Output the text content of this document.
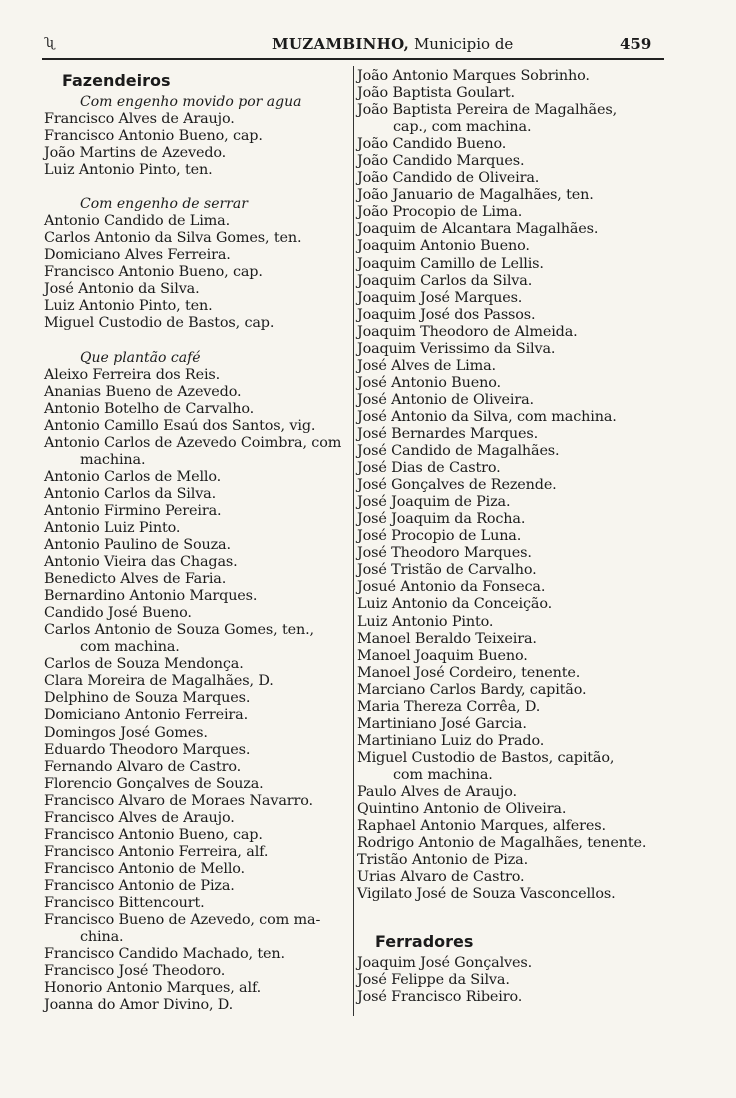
ʯ	MUZAMBINHO, Municipio de	459
Fazendeiros
Com engenho movido por agua
Francisco Alves de Araujo.
Francisco Antonio Bueno, cap.
João Martins de Azevedo.
Luiz Antonio Pinto, ten.
Com engenho de serrar
Antonio Candido de Lima.
Carlos Antonio da Silva Gomes, ten.
Domiciano Alves Ferreira.
Francisco Antonio Bueno, cap.
José Antonio da Silva.
Luiz Antonio Pinto, ten.
Miguel Custodio de Bastos, cap.
Que plantão café
Aleixo Ferreira dos Reis.
Ananias Bueno de Azevedo.
Antonio Botelho de Carvalho.
Antonio Camillo Esaú dos Santos, vig.
Antonio Carlos de Azevedo Coimbra, com
machina.
Antonio Carlos de Mello.
Antonio Carlos da Silva.
Antonio Firmino Pereira.
Antonio Luiz Pinto.
Antonio Paulino de Souza.
Antonio Vieira das Chagas.
Benedicto Alves de Faria.
Bernardino Antonio Marques.
Candido José Bueno.
Carlos Antonio de Souza Gomes, ten.,
com machina.
Carlos de Souza Mendonça.
Clara Moreira de Magalhães, D.
Delphino de Souza Marques.
Domiciano Antonio Ferreira.
Domingos José Gomes.
Eduardo Theodoro Marques.
Fernando Alvaro de Castro.
Florencio Gonçalves de Souza.
Francisco Alvaro de Moraes Navarro.
Francisco Alves de Araujo.
Francisco Antonio Bueno, cap.
Francisco Antonio Ferreira, alf.
Francisco Antonio de Mello.
Francisco Antonio de Piza.
Francisco Bittencourt.
Francisco Bueno de Azevedo, com ma-
china.
Francisco Candido Machado, ten.
Francisco José Theodoro.
Honorio Antonio Marques, alf.
Joanna do Amor Divino, D.
João Antonio Marques Sobrinho.
João Baptista Goulart.
João Baptista Pereira de Magalhães,
cap., com machina.
João Candido Bueno.
João Candido Marques.
João Candido de Oliveira.
João Januario de Magalhães, ten.
João Procopio de Lima.
Joaquim de Alcantara Magalhães.
Joaquim Antonio Bueno.
Joaquim Camillo de Lellis.
Joaquim Carlos da Silva.
Joaquim José Marques.
Joaquim José dos Passos.
Joaquim Theodoro de Almeida.
Joaquim Verissimo da Silva.
José Alves de Lima.
José Antonio Bueno.
José Antonio de Oliveira.
José Antonio da Silva, com machina.
José Bernardes Marques.
José Candido de Magalhães.
José Dias de Castro.
José Gonçalves de Rezende.
José Joaquim de Piza.
José Joaquim da Rocha.
José Procopio de Luna.
José Theodoro Marques.
José Tristão de Carvalho.
Josué Antonio da Fonseca.
Luiz Antonio da Conceição.
Luiz Antonio Pinto.
Manoel Beraldo Teixeira.
Manoel Joaquim Bueno.
Manoel José Cordeiro, tenente.
Marciano Carlos Bardy, capitão.
Maria Thereza Corrêa, D.
Martiniano José Garcia.
Martiniano Luiz do Prado.
Miguel Custodio de Bastos, capitão,
com machina.
Paulo Alves de Araujo.
Quintino Antonio de Oliveira.
Raphael Antonio Marques, alferes.
Rodrigo Antonio de Magalhães, tenente.
Tristão Antonio de Piza.
Urias Alvaro de Castro.
Vigilato José de Souza Vasconcellos.
Ferradores
Joaquim José Gonçalves.
José Felippe da Silva.
José Francisco Ribeiro.
